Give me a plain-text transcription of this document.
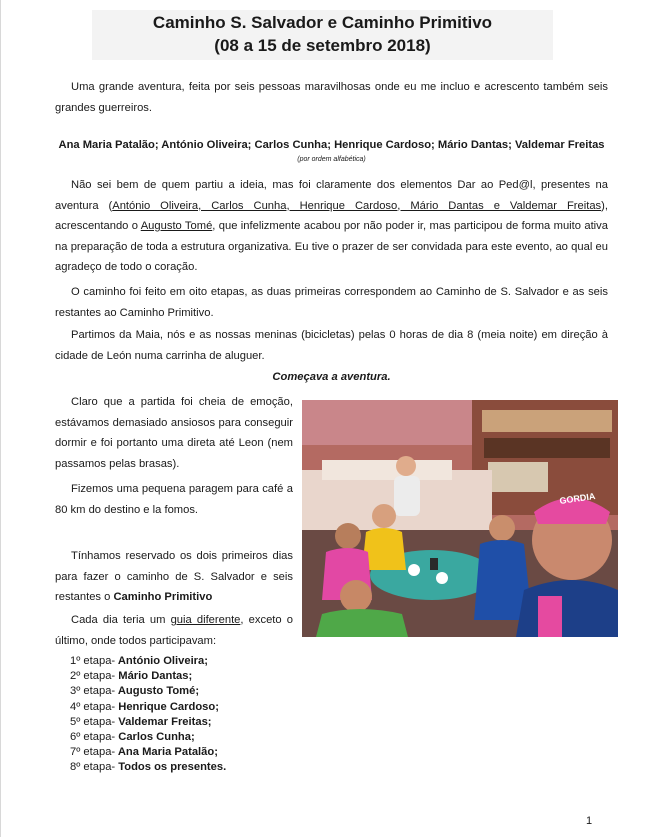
Caminho S. Salvador e Caminho Primitivo
(08 a 15 de setembro 2018)
Uma grande aventura, feita por seis pessoas maravilhosas onde eu me incluo e acrescento também seis grandes guerreiros.
Ana Maria Patalão; António Oliveira; Carlos Cunha; Henrique Cardoso; Mário Dantas; Valdemar Freitas
(por ordem alfabética)
Não sei bem de quem partiu a ideia, mas foi claramente dos elementos Dar ao Ped@l, presentes na aventura (António Oliveira, Carlos Cunha, Henrique Cardoso, Mário Dantas e Valdemar Freitas), acrescentando o Augusto Tomé, que infelizmente acabou por não poder ir, mas participou de forma muito ativa na preparação de toda a estrutura organizativa. Eu tive o prazer de ser convidada para este evento, ao qual eu agradeço de todo o coração.
O caminho foi feito em oito etapas, as duas primeiras correspondem ao Caminho de S. Salvador e as seis restantes ao Caminho Primitivo.
Partimos da Maia, nós e as nossas meninas (bicicletas) pelas 0 horas de dia 8 (meia noite) em direção à cidade de León numa carrinha de aluguer.
Começava a aventura.
Claro que a partida foi cheia de emoção, estávamos demasiado ansiosos para conseguir dormir e foi portanto uma direta até Leon (nem passamos pelas brasas).
Fizemos uma pequena paragem para café a 80 km do destino e la fomos.
Tínhamos reservado os dois primeiros dias para fazer o caminho de S. Salvador e seis restantes o Caminho Primitivo
Cada dia teria um guia diferente, exceto o último, onde todos participavam:
1º etapa- António Oliveira;
2º etapa- Mário Dantas;
3º etapa- Augusto Tomé;
4º etapa- Henrique Cardoso;
5º etapa- Valdemar Freitas;
6º etapa- Carlos Cunha;
7º etapa- Ana Maria Patalão;
8º etapa- Todos os presentes.
GORDIA
1
